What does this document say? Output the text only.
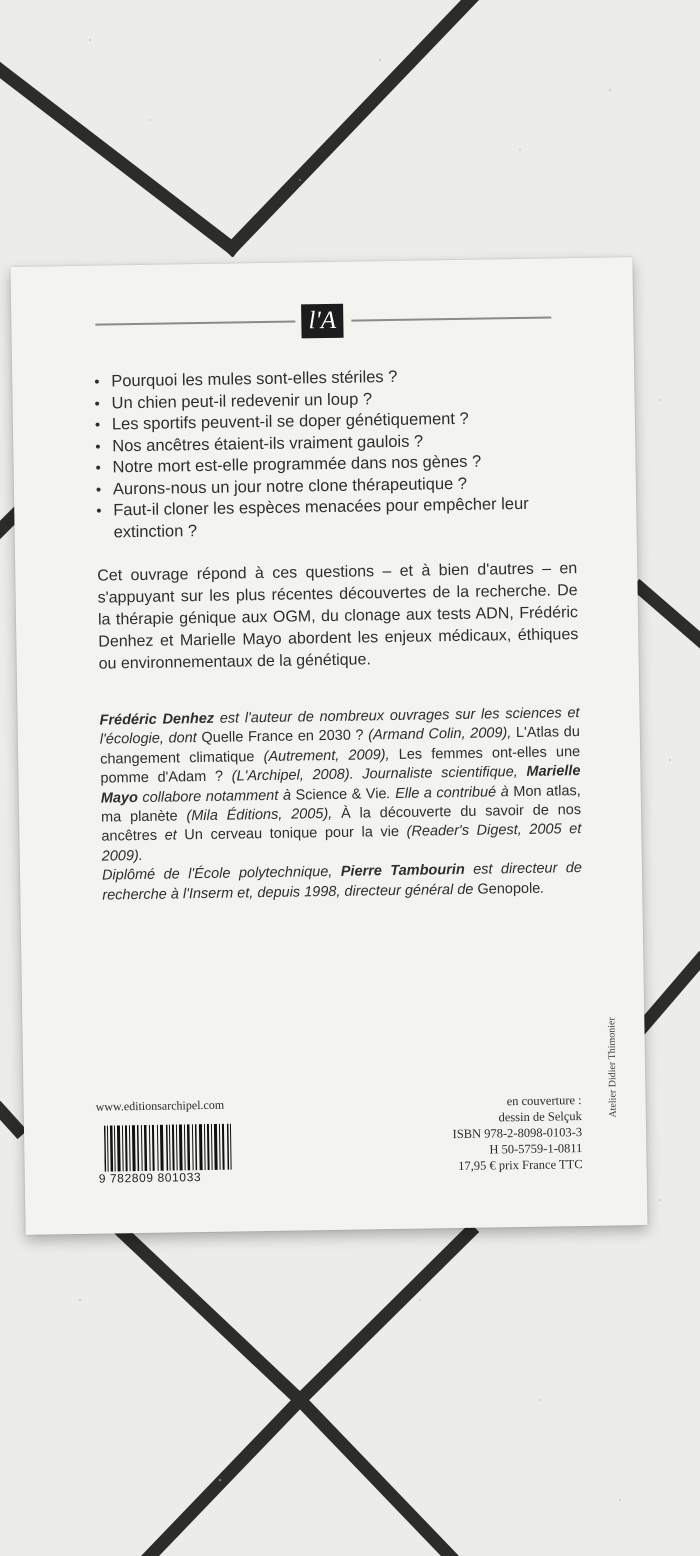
l'A
• Pourquoi les mules sont-elles stériles ?
• Un chien peut-il redevenir un loup ?
• Les sportifs peuvent-il se doper génétiquement ?
• Nos ancêtres étaient-ils vraiment gaulois ?
• Notre mort est-elle programmée dans nos gènes ?
• Aurons-nous un jour notre clone thérapeutique ?
• Faut-il cloner les espèces menacées pour empêcher leur extinction ?

Cet ouvrage répond à ces questions – et à bien d'autres – en s'appuyant sur les plus récentes découvertes de la recherche. De la thérapie génique aux OGM, du clonage aux tests ADN, Frédéric Denhez et Marielle Mayo abordent les enjeux médicaux, éthiques ou environnementaux de la génétique.

Frédéric Denhez est l'auteur de nombreux ouvrages sur les sciences et l'écologie, dont Quelle France en 2030 ? (Armand Colin, 2009), L'Atlas du changement climatique (Autrement, 2009), Les femmes ont-elles une pomme d'Adam ? (L'Archipel, 2008). Journaliste scientifique, Marielle Mayo collabore notamment à Science & Vie. Elle a contribué à Mon atlas, ma planète (Mila Éditions, 2005), À la découverte du savoir de nos ancêtres et Un cerveau tonique pour la vie (Reader's Digest, 2005 et 2009).

Diplômé de l'École polytechnique, Pierre Tambourin est directeur de recherche à l'Inserm et, depuis 1998, directeur général de Genopole.

www.editionsarchipel.com
9 782809 801033

en couverture :

dessin de Selçuk

ISBN 978-2-8098-0103-3

H 50-5759-1-0811

17,95 € prix France TTC

Atelier Didier Thimonier
